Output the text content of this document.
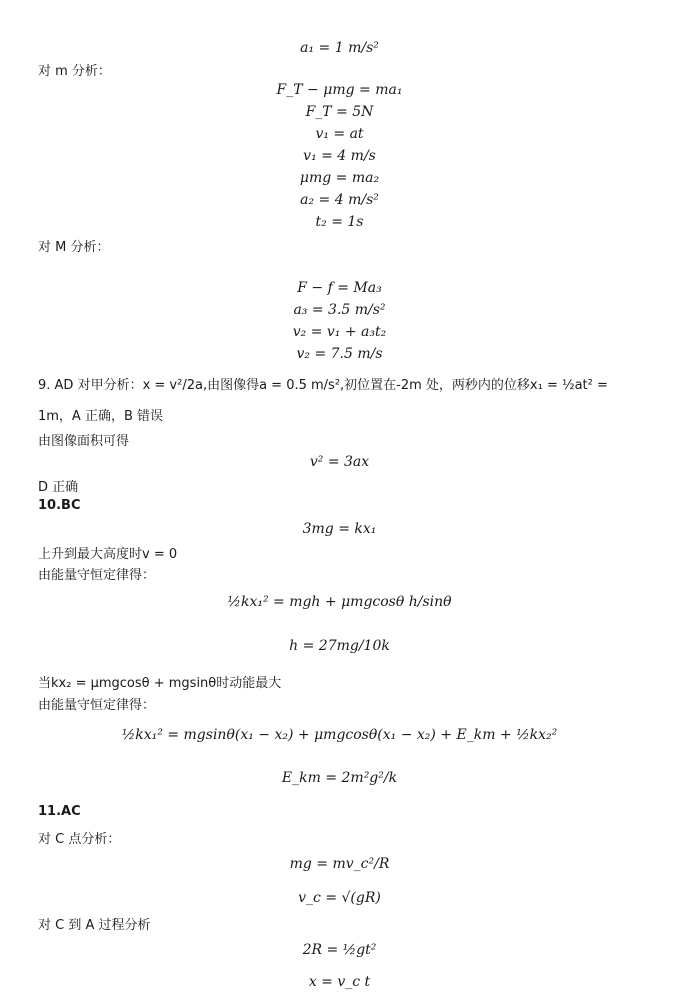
a₁ = 1 m/s²
对 m 分析：
F_T − μmg = ma₁
F_T = 5N
v₁ = at
v₁ = 4 m/s
μmg = ma₂
a₂ = 4 m/s²
t₂ = 1s
对 M 分析：
F − f = Ma₃
a₃ = 3.5 m/s²
v₂ = v₁ + a₃t₂
v₂ = 7.5 m/s
9. AD 对甲分析：x = v²/2a,由图像得a = 0.5 m/s²,初位置在-2m 处，两秒内的位移x₁ = ½at² =
1m，A 正确，B 错误
由图像面积可得
v² = 3ax
D 正确
10.BC
3mg = kx₁
上升到最大高度时v = 0
由能量守恒定律得：
½kx₁² = mgh + μmgcosθ h/sinθ
h = 27mg/10k
当kx₂ = μmgcosθ + mgsinθ时动能最大
由能量守恒定律得：
½kx₁² = mgsinθ(x₁ − x₂) + μmgcosθ(x₁ − x₂) + E_km + ½kx₂²
E_km = 2m²g²/k
11.AC
对 C 点分析：
mg = mv_c²/R
v_c = √(gR)
对 C 到 A 过程分析
2R = ½gt²
x = v_c t
